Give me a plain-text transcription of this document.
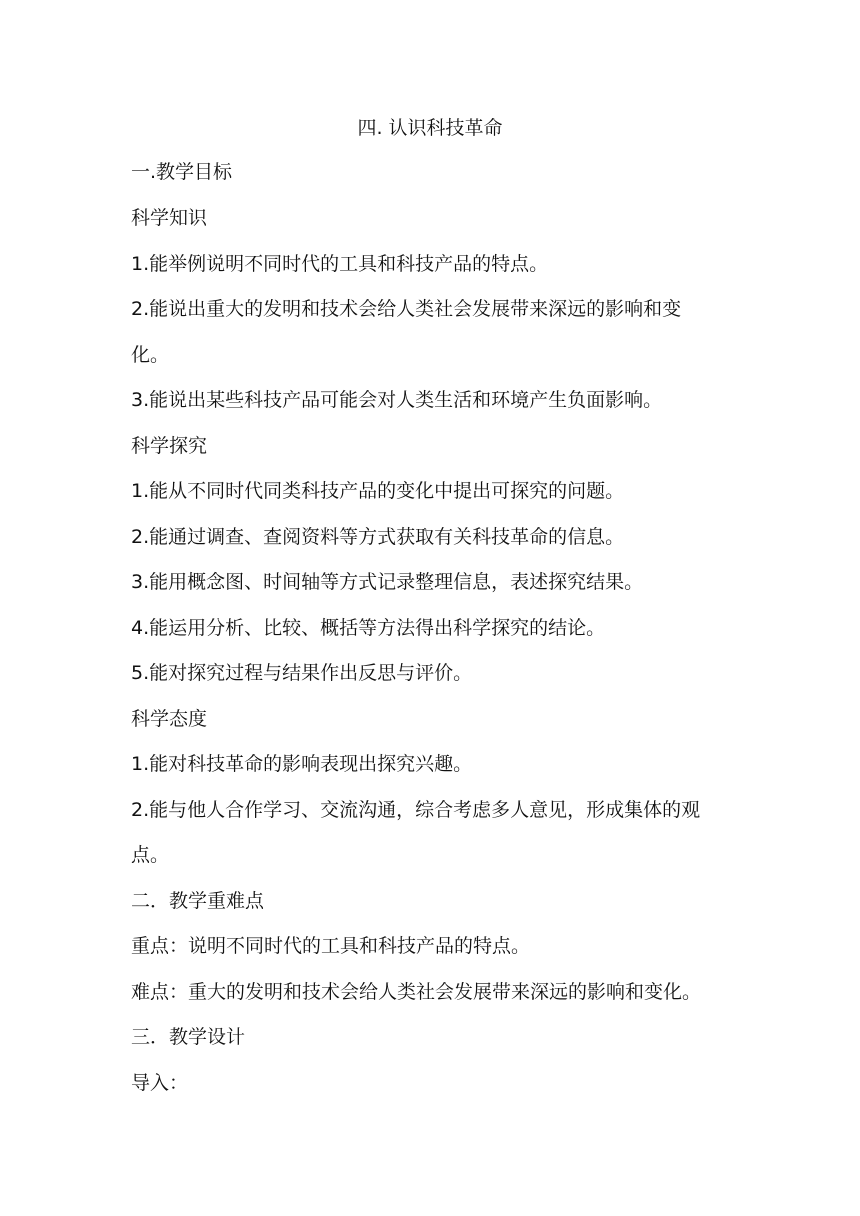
四. 认识科技革命
一.教学目标
科学知识
1.能举例说明不同时代的工具和科技产品的特点。
2.能说出重大的发明和技术会给人类社会发展带来深远的影响和变
化。
3.能说出某些科技产品可能会对人类生活和环境产生负面影响。
科学探究
1.能从不同时代同类科技产品的变化中提出可探究的问题。
2.能通过调查、查阅资料等方式获取有关科技革命的信息。
3.能用概念图、时间轴等方式记录整理信息，表述探究结果。
4.能运用分析、比较、概括等方法得出科学探究的结论。
5.能对探究过程与结果作出反思与评价。
科学态度
1.能对科技革命的影响表现出探究兴趣。
2.能与他人合作学习、交流沟通，综合考虑多人意见，形成集体的观
点。
二．教学重难点
重点：说明不同时代的工具和科技产品的特点。
难点：重大的发明和技术会给人类社会发展带来深远的影响和变化。
三．教学设计
导入：
